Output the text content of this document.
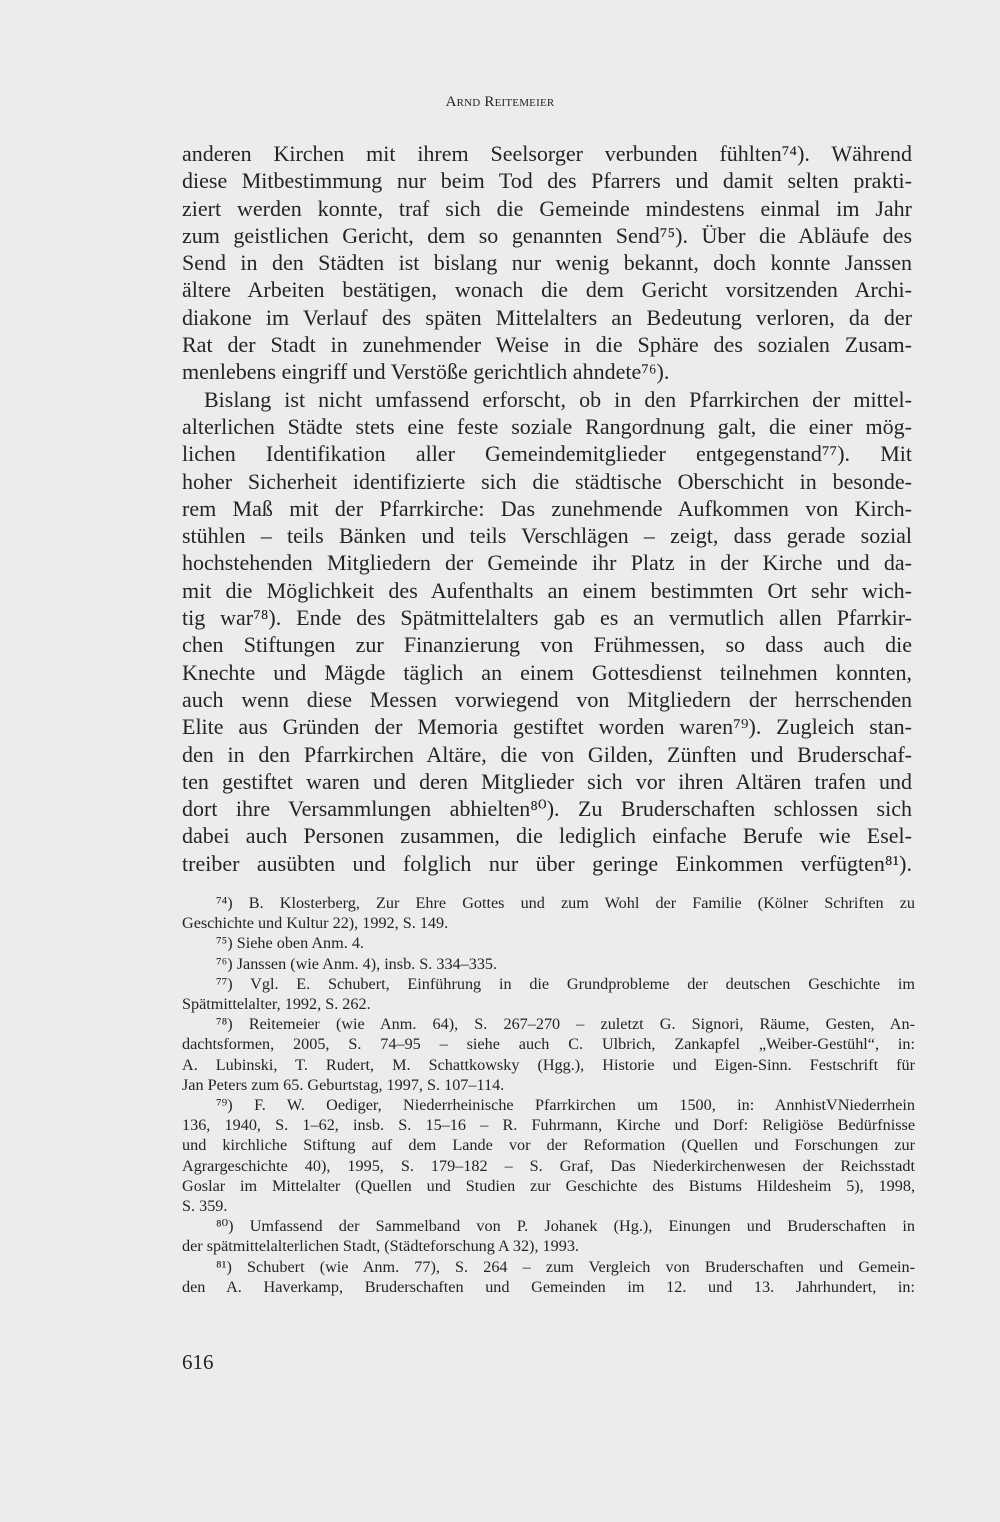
Arnd Reitemeier
anderen Kirchen mit ihrem Seelsorger verbunden fühlten⁷⁴). Während
diese Mitbestimmung nur beim Tod des Pfarrers und damit selten prakti-
ziert werden konnte, traf sich die Gemeinde mindestens einmal im Jahr
zum geistlichen Gericht, dem so genannten Send⁷⁵). Über die Abläufe des
Send in den Städten ist bislang nur wenig bekannt, doch konnte Janssen
ältere Arbeiten bestätigen, wonach die dem Gericht vorsitzenden Archi-
diakone im Verlauf des späten Mittelalters an Bedeutung verloren, da der
Rat der Stadt in zunehmender Weise in die Sphäre des sozialen Zusam-
menlebens eingriff und Verstöße gerichtlich ahndete⁷⁶).
Bislang ist nicht umfassend erforscht, ob in den Pfarrkirchen der mittel-
alterlichen Städte stets eine feste soziale Rangordnung galt, die einer mög-
lichen Identifikation aller Gemeindemitglieder entgegenstand⁷⁷). Mit
hoher Sicherheit identifizierte sich die städtische Oberschicht in besonde-
rem Maß mit der Pfarrkirche: Das zunehmende Aufkommen von Kirch-
stühlen – teils Bänken und teils Verschlägen – zeigt, dass gerade sozial
hochstehenden Mitgliedern der Gemeinde ihr Platz in der Kirche und da-
mit die Möglichkeit des Aufenthalts an einem bestimmten Ort sehr wich-
tig war⁷⁸). Ende des Spätmittelalters gab es an vermutlich allen Pfarrkir-
chen Stiftungen zur Finanzierung von Frühmessen, so dass auch die
Knechte und Mägde täglich an einem Gottesdienst teilnehmen konnten,
auch wenn diese Messen vorwiegend von Mitgliedern der herrschenden
Elite aus Gründen der Memoria gestiftet worden waren⁷⁹). Zugleich stan-
den in den Pfarrkirchen Altäre, die von Gilden, Zünften und Bruderschaf-
ten gestiftet waren und deren Mitglieder sich vor ihren Altären trafen und
dort ihre Versammlungen abhielten⁸⁰). Zu Bruderschaften schlossen sich
dabei auch Personen zusammen, die lediglich einfache Berufe wie Esel-
treiber ausübten und folglich nur über geringe Einkommen verfügten⁸¹).
⁷⁴) B. Klosterberg, Zur Ehre Gottes und zum Wohl der Familie (Kölner Schriften zu
Geschichte und Kultur 22), 1992, S. 149.
⁷⁵) Siehe oben Anm. 4.
⁷⁶) Janssen (wie Anm. 4), insb. S. 334–335.
⁷⁷) Vgl. E. Schubert, Einführung in die Grundprobleme der deutschen Geschichte im
Spätmittelalter, 1992, S. 262.
⁷⁸) Reitemeier (wie Anm. 64), S. 267–270 – zuletzt G. Signori, Räume, Gesten, An-
dachtsformen, 2005, S. 74–95 – siehe auch C. Ulbrich, Zankapfel „Weiber-Gestühl“, in:
A. Lubinski, T. Rudert, M. Schattkowsky (Hgg.), Historie und Eigen-Sinn. Festschrift für
Jan Peters zum 65. Geburtstag, 1997, S. 107–114.
⁷⁹) F. W. Oediger, Niederrheinische Pfarrkirchen um 1500, in: AnnhistVNiederrhein
136, 1940, S. 1–62, insb. S. 15–16 – R. Fuhrmann, Kirche und Dorf: Religiöse Bedürfnisse
und kirchliche Stiftung auf dem Lande vor der Reformation (Quellen und Forschungen zur
Agrargeschichte 40), 1995, S. 179–182 – S. Graf, Das Niederkirchenwesen der Reichsstadt
Goslar im Mittelalter (Quellen und Studien zur Geschichte des Bistums Hildesheim 5), 1998,
S. 359.
⁸⁰) Umfassend der Sammelband von P. Johanek (Hg.), Einungen und Bruderschaften in
der spätmittelalterlichen Stadt, (Städteforschung A 32), 1993.
⁸¹) Schubert (wie Anm. 77), S. 264 – zum Vergleich von Bruderschaften und Gemein-
den A. Haverkamp, Bruderschaften und Gemeinden im 12. und 13. Jahrhundert, in:
616
